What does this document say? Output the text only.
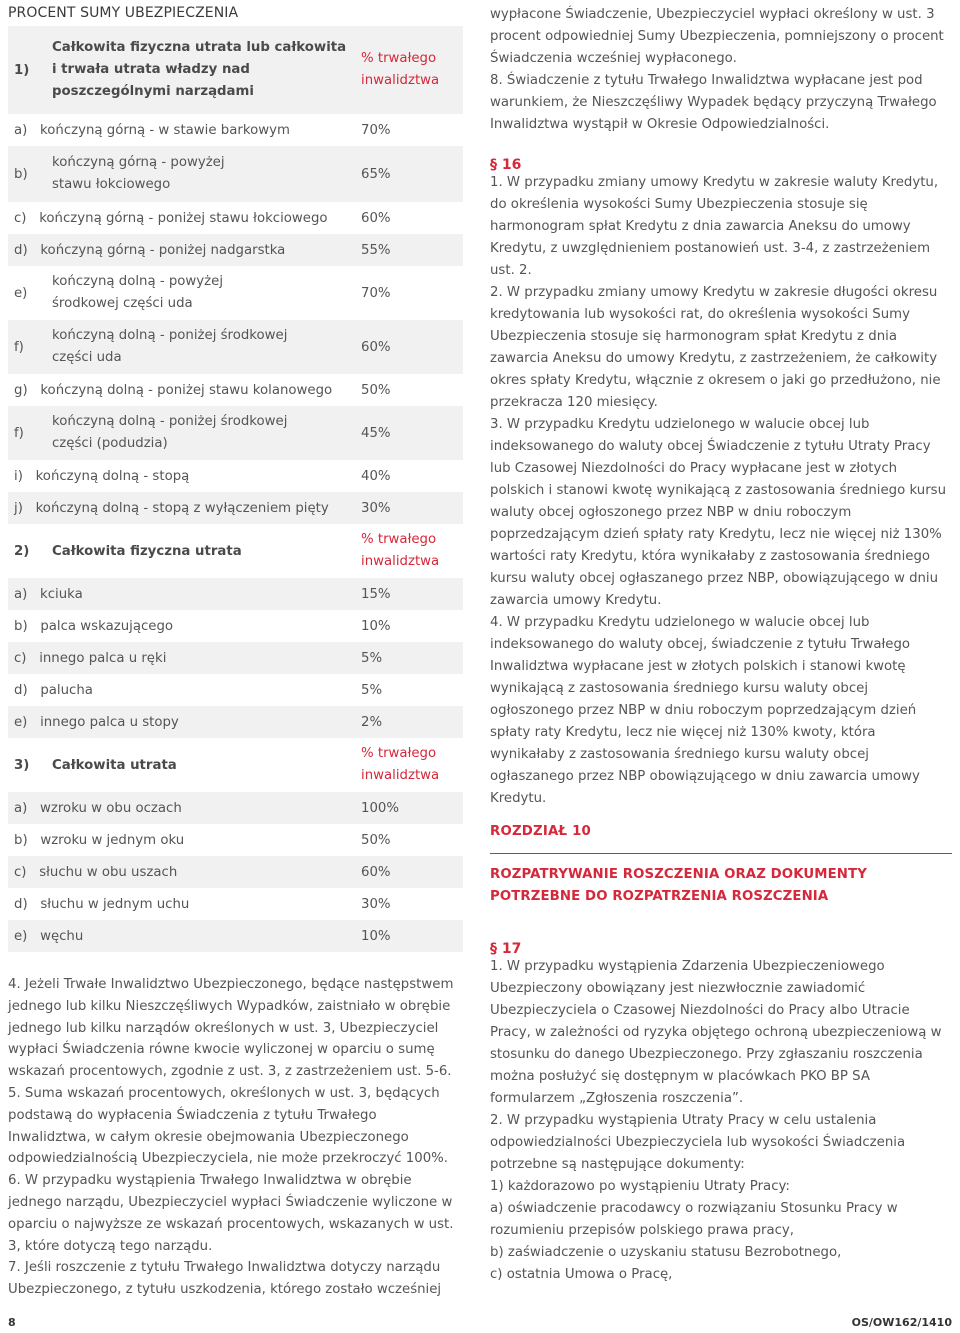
PROCENT SUMY UBEZPIECZENIA
1)	Całkowita fizyczna utrata lub całkowita i trwała utrata władzy nad poszczególnymi narządami	% trwałego inwalidztwa
a) kończyną górną - w stawie barkowym		70%
b)	kończyną górną - powyżej stawu łokciowego	65%
c) kończyną górną - poniżej stawu łokciowego		60%
d) kończyną górną - poniżej nadgarstka		55%
e)	kończyną dolną - powyżej środkowej części uda	70%
f)	kończyną dolną - poniżej środkowej części uda	60%
g) kończyną dolną - poniżej stawu kolanowego		50%
f)	kończyną dolną - poniżej środkowej części (podudzia)	45%
i) kończyną dolną - stopą		40%
j) kończyną dolną - stopą z wyłączeniem pięty		30%
2)	Całkowita fizyczna utrata	% trwałego inwalidztwa
a) kciuka		15%
b) palca wskazującego		10%
c) innego palca u ręki		5%
d) palucha		5%
e) innego palca u stopy		2%
3)	Całkowita utrata	% trwałego inwalidztwa
a) wzroku w obu oczach		100%
b) wzroku w jednym oku		50%
c) słuchu w obu uszach		60%
d) słuchu w jednym uchu		30%
e) węchu		10%

4. Jeżeli Trwałe Inwalidztwo Ubezpieczonego, będące następstwem jednego lub kilku Nieszczęśliwych Wypadków, zaistniało w obrębie jednego lub kilku narządów określonych w ust. 3, Ubezpieczyciel wypłaci Świadczenia równe kwocie wyliczonej w oparciu o sumę wskazań procentowych, zgodnie z ust. 3, z zastrzeżeniem ust. 5-6.

5. Suma wskazań procentowych, określonych w ust. 3, będących podstawą do wypłacenia Świadczenia z tytułu Trwałego Inwalidztwa, w całym okresie obejmowania Ubezpieczonego odpowiedzialnością Ubezpieczyciela, nie może przekroczyć 100%.

6. W przypadku wystąpienia Trwałego Inwalidztwa w obrębie jednego narządu, Ubezpieczyciel wypłaci Świadczenie wyliczone w oparciu o najwyższe ze wskazań procentowych, wskazanych w ust. 3, które dotyczą tego narządu.

7. Jeśli roszczenie z tytułu Trwałego Inwalidztwa dotyczy narządu Ubezpieczonego, z tytułu uszkodzenia, którego zostało wcześniej

wypłacone Świadczenie, Ubezpieczyciel wypłaci określony w ust. 3 procent odpowiedniej Sumy Ubezpieczenia, pomniejszony o procent Świadczenia wcześniej wypłaconego.

8. Świadczenie z tytułu Trwałego Inwalidztwa wypłacane jest pod warunkiem, że Nieszczęśliwy Wypadek będący przyczyną Trwałego Inwalidztwa wystąpił w Okresie Odpowiedzialności.

§ 16

1. W przypadku zmiany umowy Kredytu w zakresie waluty Kredytu, do określenia wysokości Sumy Ubezpieczenia stosuje się harmonogram spłat Kredytu z dnia zawarcia Aneksu do umowy Kredytu, z uwzględnieniem postanowień ust. 3-4, z zastrzeżeniem ust. 2.

2. W przypadku zmiany umowy Kredytu w zakresie długości okresu kredytowania lub wysokości rat, do określenia wysokości Sumy Ubezpieczenia stosuje się harmonogram spłat Kredytu z dnia zawarcia Aneksu do umowy Kredytu, z zastrzeżeniem, że całkowity okres spłaty Kredytu, włącznie z okresem o jaki go przedłużono, nie przekracza 120 miesięcy.

3. W przypadku Kredytu udzielonego w walucie obcej lub indeksowanego do waluty obcej Świadczenie z tytułu Utraty Pracy lub Czasowej Niezdolności do Pracy wypłacane jest w złotych polskich i stanowi kwotę wynikającą z zastosowania średniego kursu waluty obcej ogłoszonego przez NBP w dniu roboczym poprzedzającym dzień spłaty raty Kredytu, lecz nie więcej niż 130% wartości raty Kredytu, która wynikałaby z zastosowania średniego kursu waluty obcej ogłaszanego przez NBP, obowiązującego w dniu zawarcia umowy Kredytu.

4. W przypadku Kredytu udzielonego w walucie obcej lub indeksowanego do waluty obcej, świadczenie z tytułu Trwałego Inwalidztwa wypłacane jest w złotych polskich i stanowi kwotę wynikającą z zastosowania średniego kursu waluty obcej ogłoszonego przez NBP w dniu roboczym poprzedzającym dzień spłaty raty Kredytu, lecz nie więcej niż 130% kwoty, która wynikałaby z zastosowania średniego kursu waluty obcej ogłaszanego przez NBP obowiązującego w dniu zawarcia umowy Kredytu.

ROZDZIAŁ 10
ROZPATRYWANIE ROSZCZENIA ORAZ DOKUMENTY POTRZEBNE DO ROZPATRZENIA ROSZCZENIA
§ 17

1. W przypadku wystąpienia Zdarzenia Ubezpieczeniowego Ubezpieczony obowiązany jest niezwłocznie zawiadomić Ubezpieczyciela o Czasowej Niezdolności do Pracy albo Utracie Pracy, w zależności od ryzyka objętego ochroną ubezpieczeniową w stosunku do danego Ubezpieczonego. Przy zgłaszaniu roszczenia można posłużyć się dostępnym w placówkach PKO BP SA formularzem „Zgłoszenia roszczenia”.

2. W przypadku wystąpienia Utraty Pracy w celu ustalenia odpowiedzialności Ubezpieczyciela lub wysokości Świadczenia potrzebne są następujące dokumenty:

1) każdorazowo po wystąpieniu Utraty Pracy:

a) oświadczenie pracodawcy o rozwiązaniu Stosunku Pracy w rozumieniu przepisów polskiego prawa pracy,

b) zaświadczenie o uzyskaniu statusu Bezrobotnego,

c) ostatnia Umowa o Pracę,

8	OS/OW162/1410
